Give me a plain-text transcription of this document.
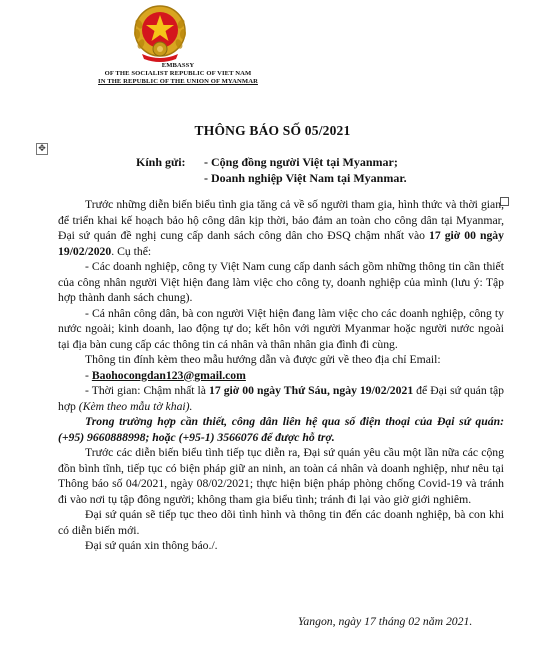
EMBASSY
OF THE SOCIALIST REPUBLIC OF VIET NAM
IN THE REPUBLIC OF THE UNION OF MYANMAR
THÔNG BÁO SỐ 05/2021
✥
Kính gửi: - Cộng đồng người Việt tại Myanmar;
- Doanh nghiệp Việt Nam tại Myanmar.

Trước những diễn biến biểu tình gia tăng cả về số người tham gia, hình thức và thời gian, để triển khai kế hoạch bảo hộ công dân kịp thời, bảo đảm an toàn cho công dân tại Myanmar, Đại sứ quán đề nghị cung cấp danh sách công dân cho ĐSQ chậm nhất vào 17 giờ 00 ngày 19/02/2020. Cụ thể:

- Các doanh nghiệp, công ty Việt Nam cung cấp danh sách gồm những thông tin cần thiết của công nhân người Việt hiện đang làm việc cho công ty, doanh nghiệp của mình (lưu ý: Tập hợp thành danh sách chung).

- Cá nhân công dân, bà con người Việt hiện đang làm việc cho các doanh nghiệp, công ty nước ngoài; kinh doanh, lao động tự do; kết hôn với người Myanmar hoặc người nước ngoài tại địa bàn cung cấp các thông tin cá nhân và thân nhân gia đình đi cùng.

Thông tin đính kèm theo mẫu hướng dẫn và được gửi về theo địa chỉ Email:

- Baohocongdan123@gmail.com

- Thời gian: Chậm nhất là 17 giờ 00 ngày Thứ Sáu, ngày 19/02/2021 để Đại sứ quán tập hợp (Kèm theo mẫu tờ khai).

Trong trường hợp cần thiết, công dân liên hệ qua số điện thoại của Đại sứ quán: (+95) 9660888998; hoặc (+95-1) 3566076 để được hỗ trợ.

Trước các diễn biến biểu tình tiếp tục diễn ra, Đại sứ quán yêu cầu một lần nữa các cộng đồn bình tĩnh, tiếp tục có biện pháp giữ an ninh, an toàn cá nhân và doanh nghiệp, như nêu tại Thông báo số 04/2021, ngày 08/02/2021; thực hiện biện pháp phòng chống Covid-19 và tránh đi vào nơi tụ tập đông người; không tham gia biểu tình; tránh đi lại vào giờ giới nghiêm.

Đại sứ quán sẽ tiếp tục theo dõi tình hình và thông tin đến các doanh nghiệp, bà con khi có diễn biến mới.

Đại sứ quán xin thông báo./.

Yangon, ngày 17 tháng 02 năm 2021.
